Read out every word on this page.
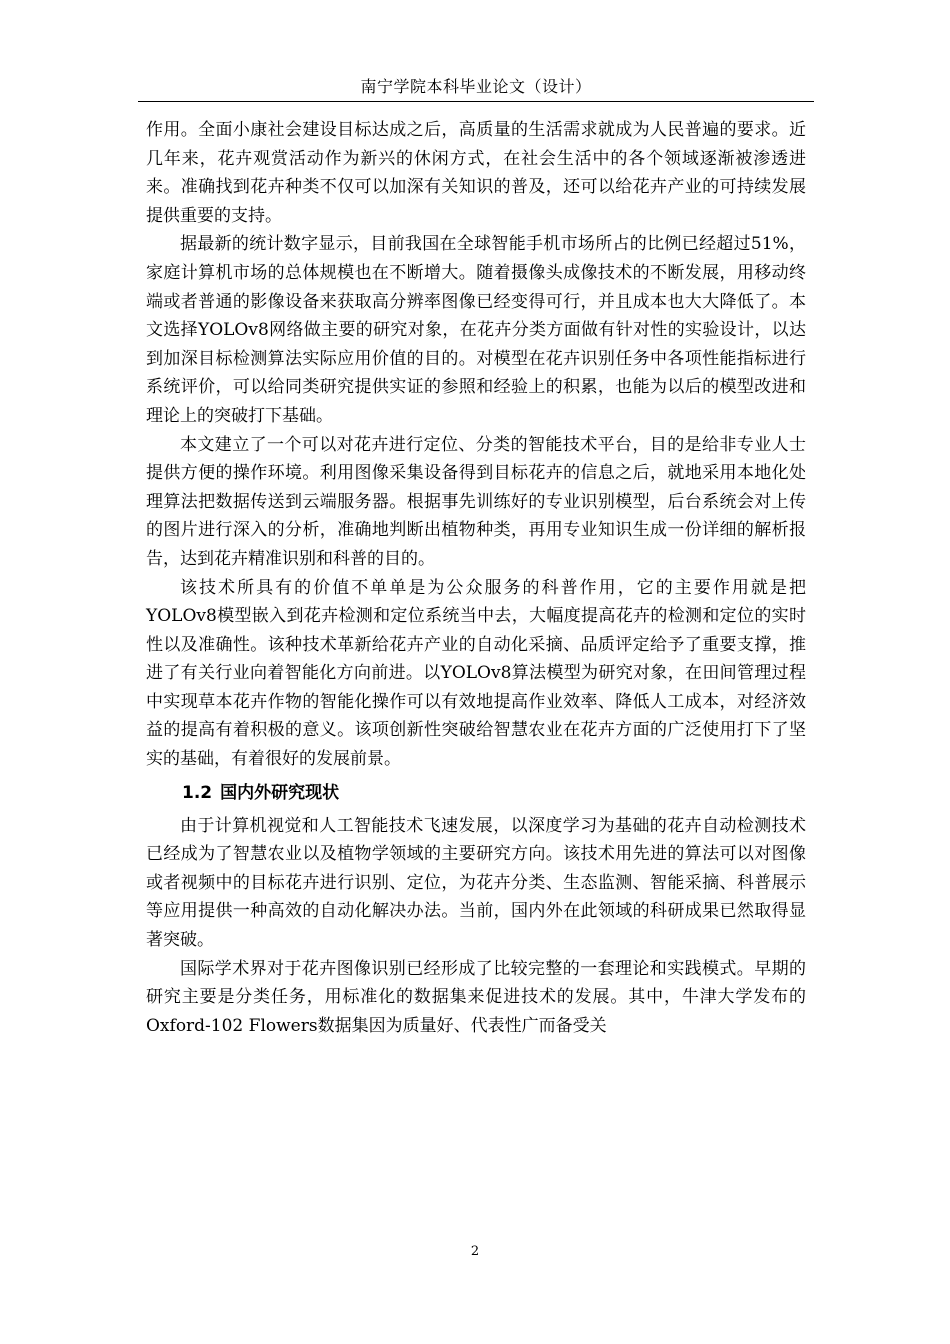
南宁学院本科毕业论文（设计）

作用。全面小康社会建设目标达成之后，高质量的生活需求就成为人民普遍的要求。近几年来，花卉观赏活动作为新兴的休闲方式，在社会生活中的各个领域逐渐被渗透进来。准确找到花卉种类不仅可以加深有关知识的普及，还可以给花卉产业的可持续发展提供重要的支持。

据最新的统计数字显示，目前我国在全球智能手机市场所占的比例已经超过51%，家庭计算机市场的总体规模也在不断增大。随着摄像头成像技术的不断发展，用移动终端或者普通的影像设备来获取高分辨率图像已经变得可行，并且成本也大大降低了。本文选择YOLOv8网络做主要的研究对象，在花卉分类方面做有针对性的实验设计，以达到加深目标检测算法实际应用价值的目的。对模型在花卉识别任务中各项性能指标进行系统评价，可以给同类研究提供实证的参照和经验上的积累，也能为以后的模型改进和理论上的突破打下基础。

本文建立了一个可以对花卉进行定位、分类的智能技术平台，目的是给非专业人士提供方便的操作环境。利用图像采集设备得到目标花卉的信息之后，就地采用本地化处理算法把数据传送到云端服务器。根据事先训练好的专业识别模型，后台系统会对上传的图片进行深入的分析，准确地判断出植物种类，再用专业知识生成一份详细的解析报告，达到花卉精准识别和科普的目的。

该技术所具有的价值不单单是为公众服务的科普作用，它的主要作用就是把YOLOv8模型嵌入到花卉检测和定位系统当中去，大幅度提高花卉的检测和定位的实时性以及准确性。该种技术革新给花卉产业的自动化采摘、品质评定给予了重要支撑，推进了有关行业向着智能化方向前进。以YOLOv8算法模型为研究对象，在田间管理过程中实现草本花卉作物的智能化操作可以有效地提高作业效率、降低人工成本，对经济效益的提高有着积极的意义。该项创新性突破给智慧农业在花卉方面的广泛使用打下了坚实的基础，有着很好的发展前景。

1.2 国内外研究现状

由于计算机视觉和人工智能技术飞速发展，以深度学习为基础的花卉自动检测技术已经成为了智慧农业以及植物学领域的主要研究方向。该技术用先进的算法可以对图像或者视频中的目标花卉进行识别、定位，为花卉分类、生态监测、智能采摘、科普展示等应用提供一种高效的自动化解决办法。当前，国内外在此领域的科研成果已然取得显著突破。

国际学术界对于花卉图像识别已经形成了比较完整的一套理论和实践模式。早期的研究主要是分类任务，用标准化的数据集来促进技术的发展。其中，牛津大学发布的Oxford-102 Flowers数据集因为质量好、代表性广而备受关

2
